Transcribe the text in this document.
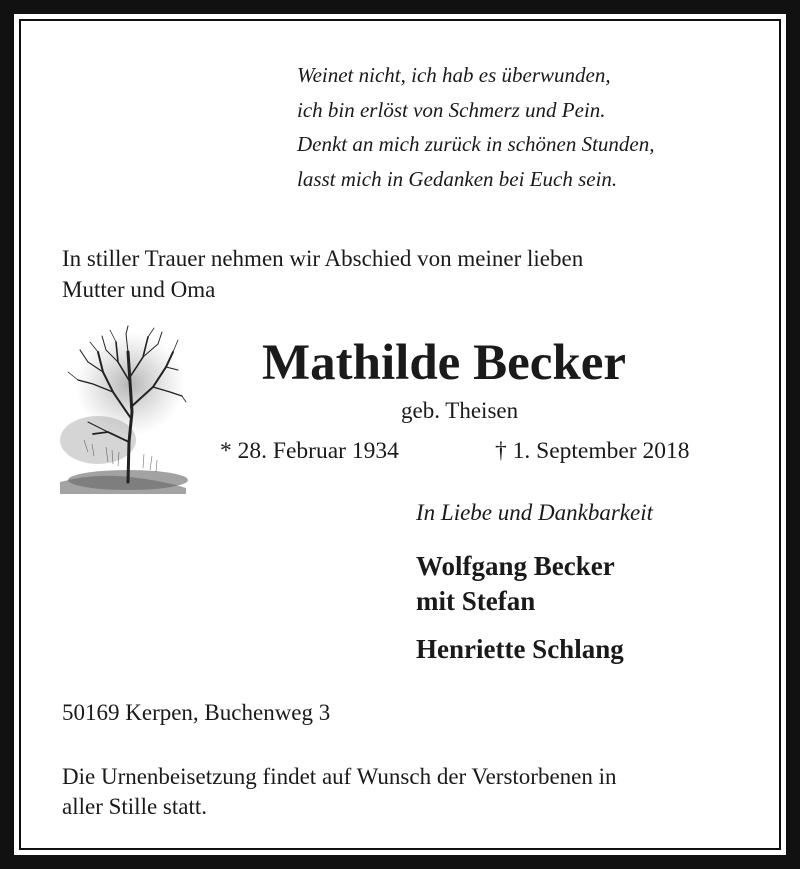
Weinet nicht, ich hab es überwunden,
ich bin erlöst von Schmerz und Pein.
Denkt an mich zurück in schönen Stunden,
lasst mich in Gedanken bei Euch sein.
In stiller Trauer nehmen wir Abschied von meiner lieben
Mutter und Oma
Mathilde Becker
geb. Theisen
* 28. Februar 1934	† 1. September 2018
In Liebe und Dankbarkeit
Wolfgang Becker
mit Stefan
Henriette Schlang
50169 Kerpen, Buchenweg 3
Die Urnenbeisetzung findet auf Wunsch der Verstorbenen in
aller Stille statt.
